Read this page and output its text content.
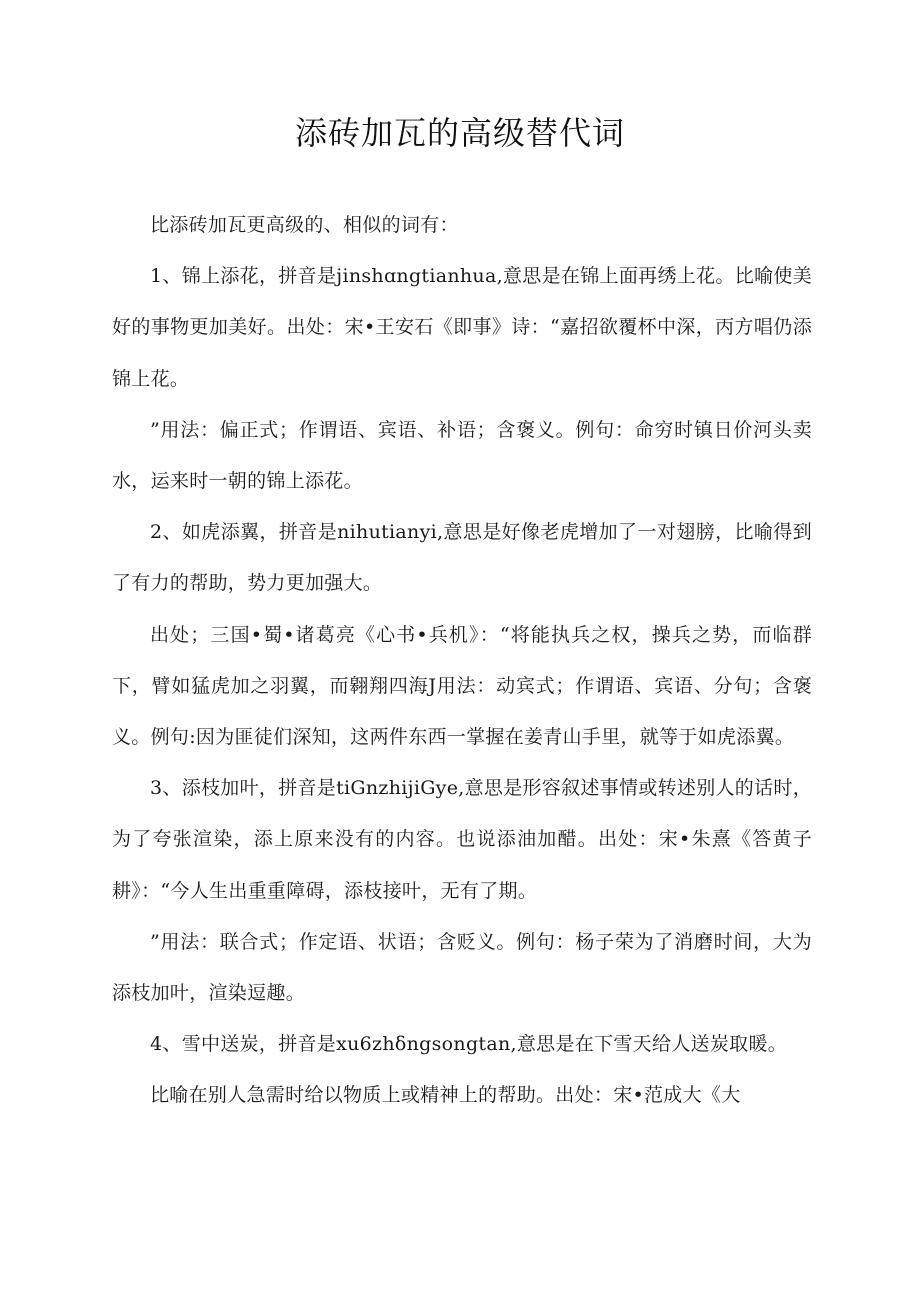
添砖加瓦的高级替代词

比添砖加瓦更高级的、相似的词有：

1、锦上添花，拼音是jinshɑngtianhua,意思是在锦上面再绣上花。比喻使美好的事物更加美好。出处：宋•王安石《即事》诗：“嘉招欲覆杯中深，丙方唱仍添锦上花。

”用法：偏正式；作谓语、宾语、补语；含褒义。例句：命穷时镇日价河头卖水，运来时一朝的锦上添花。

2、如虎添翼，拼音是nihutianyi,意思是好像老虎增加了一对翅膀，比喻得到了有力的帮助，势力更加强大。

出处；三国•蜀•诸葛亮《心书•兵机》：“将能执兵之权，操兵之势，而临群下，臂如猛虎加之羽翼，而翱翔四海J用法：动宾式；作谓语、宾语、分句；含褒义。例句:因为匪徒们深知，这两件东西一掌握在姜青山手里，就等于如虎添翼。

3、添枝加叶，拼音是tiGnzhijiGye,意思是形容叙述事情或转述别人的话时，为了夸张渲染，添上原来没有的内容。也说添油加醋。出处：宋•朱熹《答黄子耕》：“今人生出重重障碍，添枝接叶，无有了期。

”用法：联合式；作定语、状语；含贬义。例句：杨子荣为了消磨时间，大为添枝加叶，渲染逗趣。

4、雪中送炭，拼音是xu6zhδngsongtan,意思是在下雪天给人送炭取暖。

比喻在别人急需时给以物质上或精神上的帮助。出处：宋•范成大《大
